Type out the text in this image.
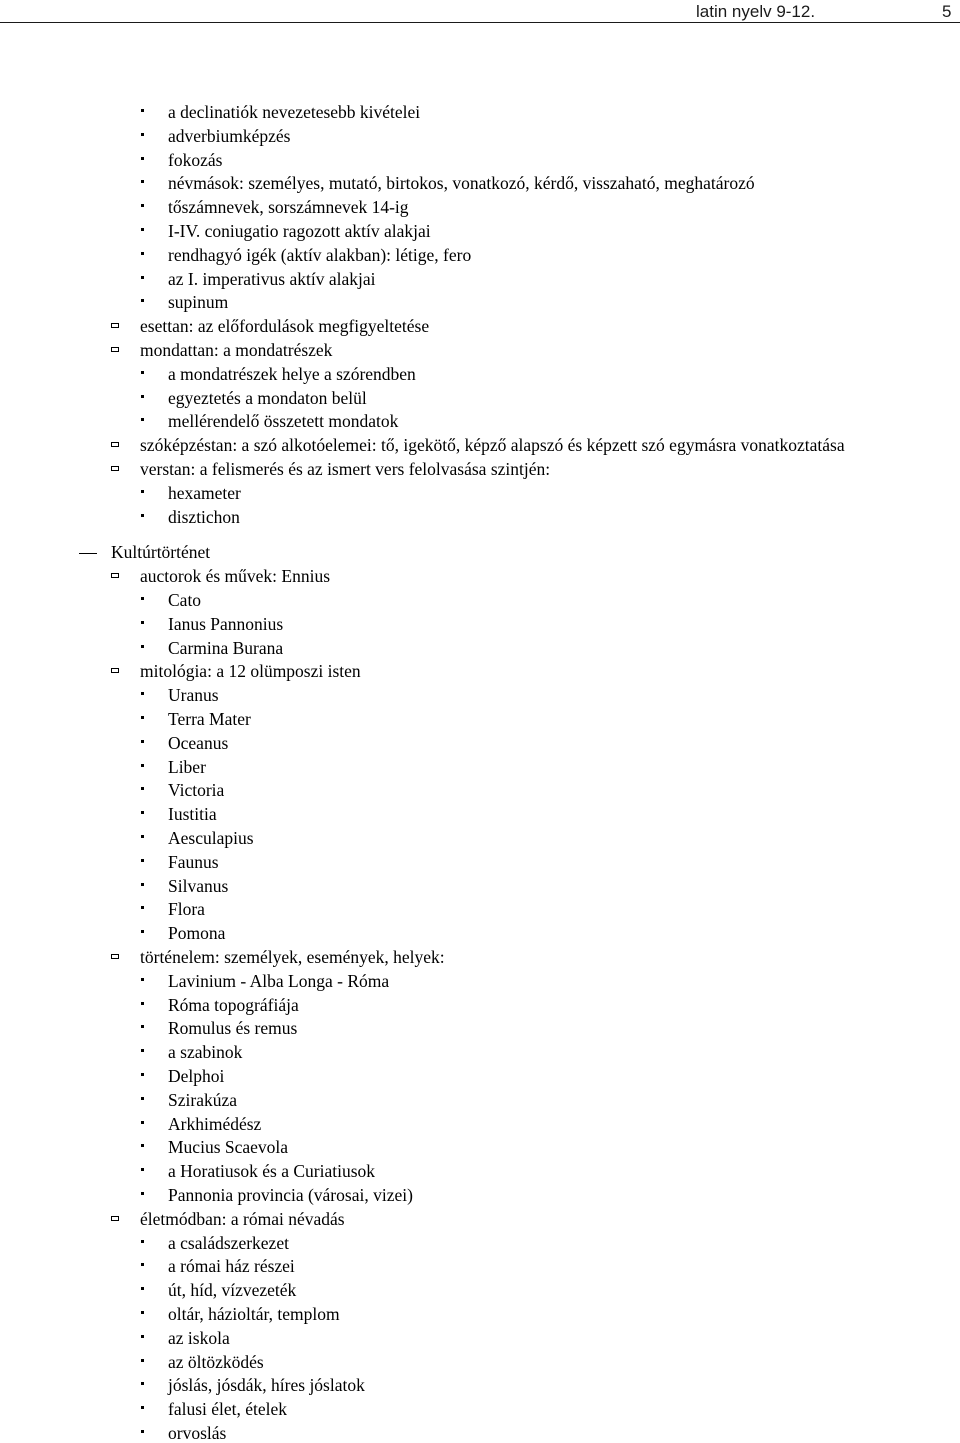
latin nyelv 9-12.	5
a declinatiók nevezetesebb kivételei
adverbiumképzés
fokozás
névmások: személyes, mutató, birtokos, vonatkozó, kérdő, visszaható, meghatározó
tőszámnevek, sorszámnevek 14-ig
I-IV. coniugatio ragozott aktív alakjai
rendhagyó igék (aktív alakban): létige, fero
az I. imperativus aktív alakjai
supinum
esettan: az előfordulások megfigyeltetése
mondattan: a mondatrészek
a mondatrészek helye a szórendben
egyeztetés a mondaton belül
mellérendelő összetett mondatok
szóképzéstan: a szó alkotóelemei: tő, igekötő, képző alapszó és képzett szó egymásra vonatkoztatása
verstan: a felismerés és az ismert vers felolvasása szintjén:
hexameter
disztichon
Kultúrtörténet
auctorok és művek: Ennius
Cato
Ianus Pannonius
Carmina Burana
mitológia: a 12 olümposzi isten
Uranus
Terra Mater
Oceanus
Liber
Victoria
Iustitia
Aesculapius
Faunus
Silvanus
Flora
Pomona
történelem: személyek, események, helyek:
Lavinium - Alba Longa - Róma
Róma topográfiája
Romulus és remus
a szabinok
Delphoi
Szirakúza
Arkhimédész
Mucius Scaevola
a Horatiusok és a Curiatiusok
Pannonia provincia (városai, vizei)
életmódban: a római névadás
a családszerkezet
a római ház részei
út, híd, vízvezeték
oltár, házioltár, templom
az iskola
az öltözködés
jóslás, jósdák, híres jóslatok
falusi élet, ételek
orvoslás
